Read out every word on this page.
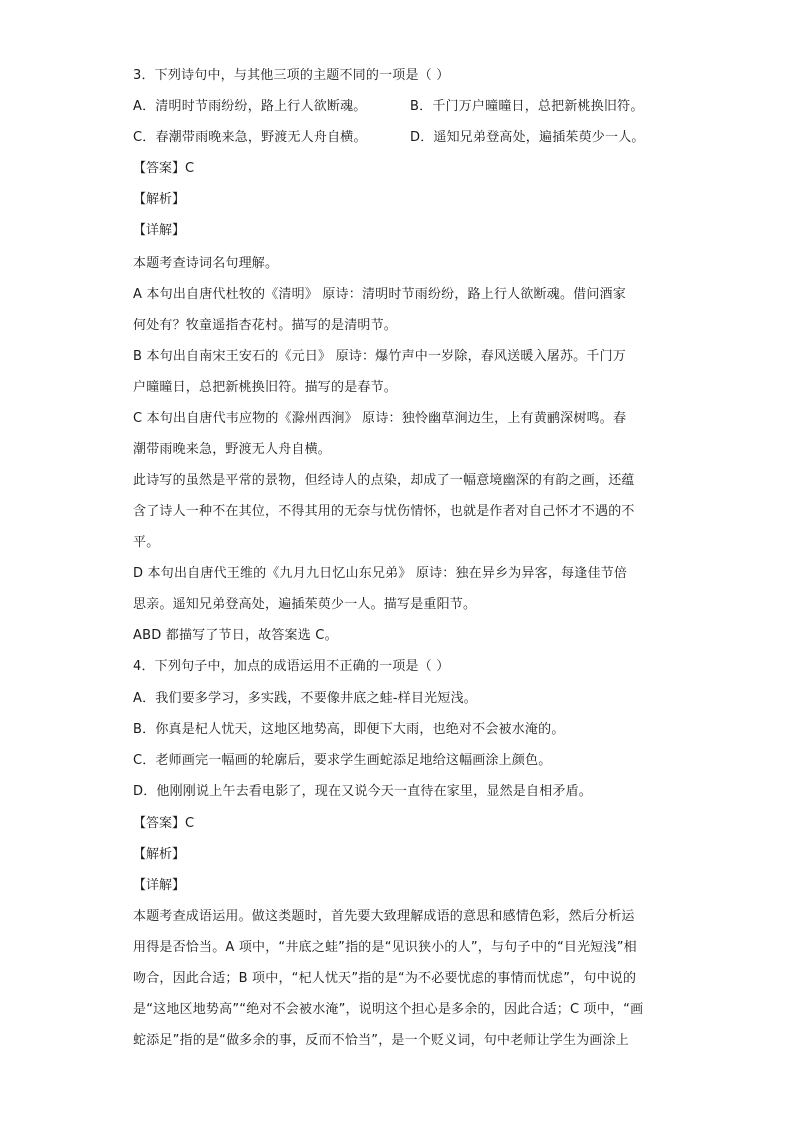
3．下列诗句中，与其他三项的主题不同的一项是（ ）
A．清明时节雨纷纷，路上行人欲断魂。	B．千门万户曈曈日，总把新桃换旧符。
C．春潮带雨晚来急，野渡无人舟自横。	D．遥知兄弟登高处，遍插茱萸少一人。
【答案】C
【解析】
【详解】
本题考查诗词名句理解。
A 本句出自唐代杜牧的《清明》 原诗：清明时节雨纷纷，路上行人欲断魂。借问酒家
何处有？牧童遥指杏花村。描写的是清明节。
B 本句出自南宋王安石的《元日》 原诗：爆竹声中一岁除，春风送暖入屠苏。千门万
户曈曈日，总把新桃换旧符。描写的是春节。
C 本句出自唐代韦应物的《滁州西涧》 原诗：独怜幽草涧边生，上有黄鹂深树鸣。春
潮带雨晚来急，野渡无人舟自横。
此诗写的虽然是平常的景物，但经诗人的点染，却成了一幅意境幽深的有韵之画，还蕴
含了诗人一种不在其位，不得其用的无奈与忧伤情怀，也就是作者对自己怀才不遇的不
平。
D 本句出自唐代王维的《九月九日忆山东兄弟》 原诗：独在异乡为异客，每逢佳节倍
思亲。遥知兄弟登高处，遍插茱萸少一人。描写是重阳节。
ABD 都描写了节日，故答案选 C。
4．下列句子中，加点的成语运用不正确的一项是（ ）
A．我们要多学习，多实践，不要像井底之蛙-样目光短浅。
B．你真是杞人忧天，这地区地势高，即便下大雨，也绝对不会被水淹的。
C．老师画完一幅画的轮廓后，要求学生画蛇添足地给这幅画涂上颜色。
D．他刚刚说上午去看电影了，现在又说今天一直待在家里，显然是自相矛盾。
【答案】C
【解析】
【详解】
本题考查成语运用。做这类题时，首先要大致理解成语的意思和感情色彩，然后分析运
用得是否恰当。A 项中，“井底之蛙”指的是“见识狭小的人”，与句子中的“目光短浅”相
吻合，因此合适；B 项中，“杞人忧天”指的是“为不必要忧虑的事情而忧虑”，句中说的
是“这地区地势高”“绝对不会被水淹”，说明这个担心是多余的，因此合适；C 项中，“画
蛇添足”指的是“做多余的事，反而不恰当”，是一个贬义词，句中老师让学生为画涂上
